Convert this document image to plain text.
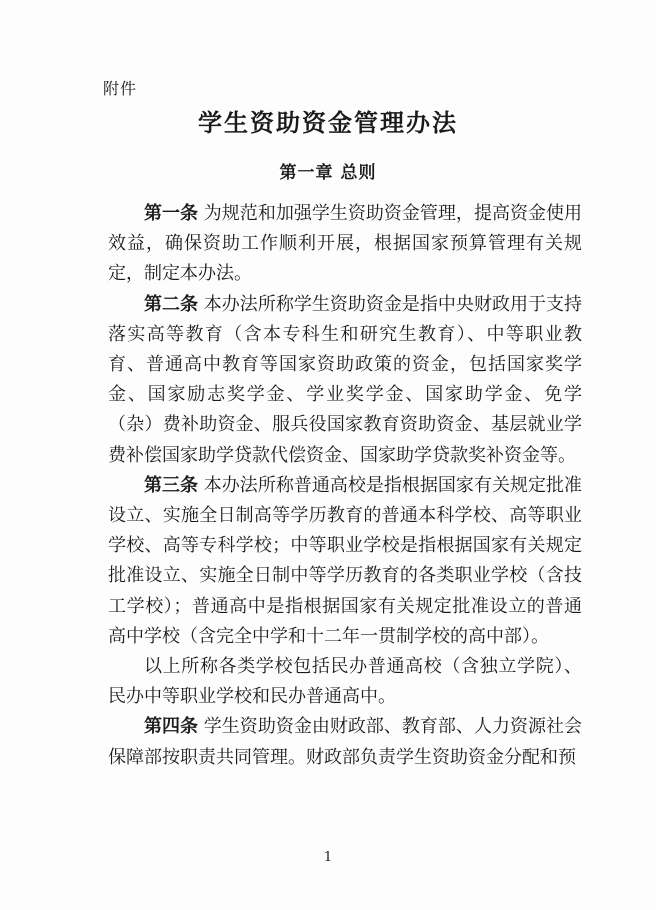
附件
学生资助资金管理办法
第一章 总则

第一条 为规范和加强学生资助资金管理，提高资金使用效益，确保资助工作顺利开展，根据国家预算管理有关规定，制定本办法。

第二条 本办法所称学生资助资金是指中央财政用于支持落实高等教育（含本专科生和研究生教育）、中等职业教育、普通高中教育等国家资助政策的资金，包括国家奖学金、国家励志奖学金、学业奖学金、国家助学金、免学（杂）费补助资金、服兵役国家教育资助资金、基层就业学费补偿国家助学贷款代偿资金、国家助学贷款奖补资金等。

第三条 本办法所称普通高校是指根据国家有关规定批准设立、实施全日制高等学历教育的普通本科学校、高等职业学校、高等专科学校；中等职业学校是指根据国家有关规定批准设立、实施全日制中等学历教育的各类职业学校（含技工学校）；普通高中是指根据国家有关规定批准设立的普通高中学校（含完全中学和十二年一贯制学校的高中部）。

以上所称各类学校包括民办普通高校（含独立学院）、民办中等职业学校和民办普通高中。

第四条 学生资助资金由财政部、教育部、人力资源社会保障部按职责共同管理。财政部负责学生资助资金分配和预

1
